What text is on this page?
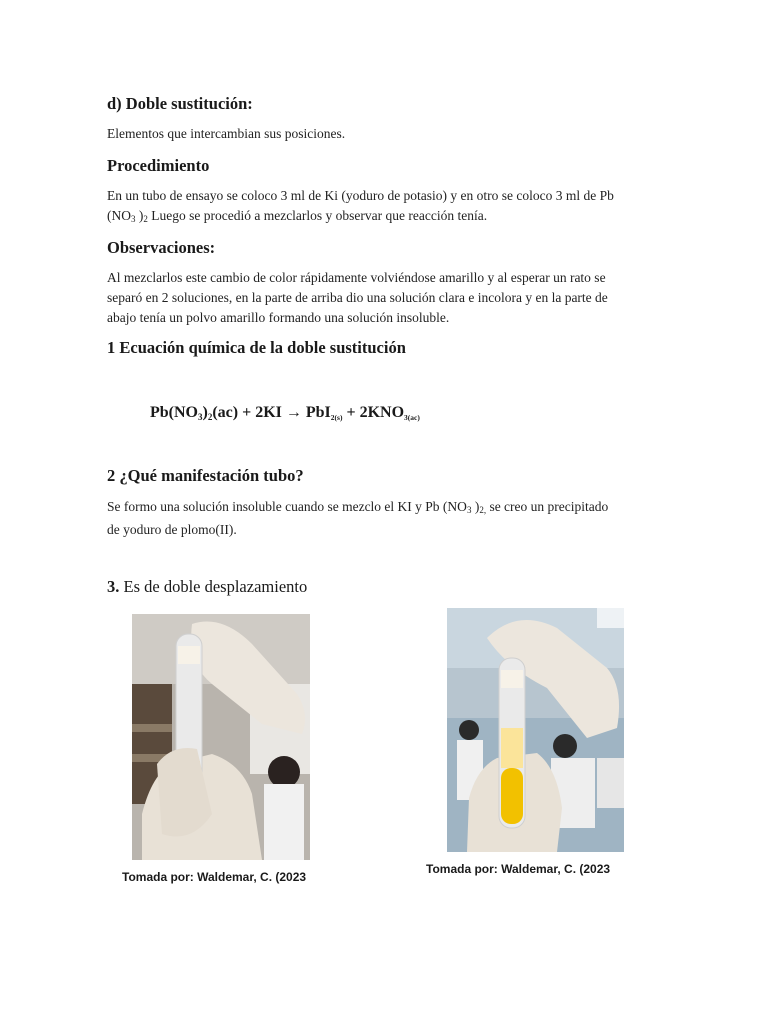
d) Doble sustitución:
Elementos que intercambian sus posiciones.
Procedimiento
En un tubo de ensayo se coloco 3 ml de Ki (yoduro de potasio) y en otro se coloco 3 ml de Pb
($NO_3$ )$_2$ Luego se procedió a mezclarlos y observar que reacción tenía.
Observaciones:
Al mezclarlos este cambio de color rápidamente volviéndose amarillo y al esperar un rato se
separó en 2 soluciones, en la parte de arriba dio una solución clara e incolora y en la parte de
abajo tenía un polvo amarillo formando una solución insoluble.
1 Ecuación química de la doble sustitución
$Pb(NO_3)_2(ac) + 2KI \to PbI_{2(s)} + 2KNO_{3(ac)}$
2 ¿Qué manifestación tubo?
Se formo una solución insoluble cuando se mezclo el KI y Pb ($NO_3$ )$_{2,}$ se creo un precipitado
de yoduro de plomo(II).
3. Es de doble desplazamiento
Tomada por: Waldemar, C. (2023
Tomada por: Waldemar, C. (2023
